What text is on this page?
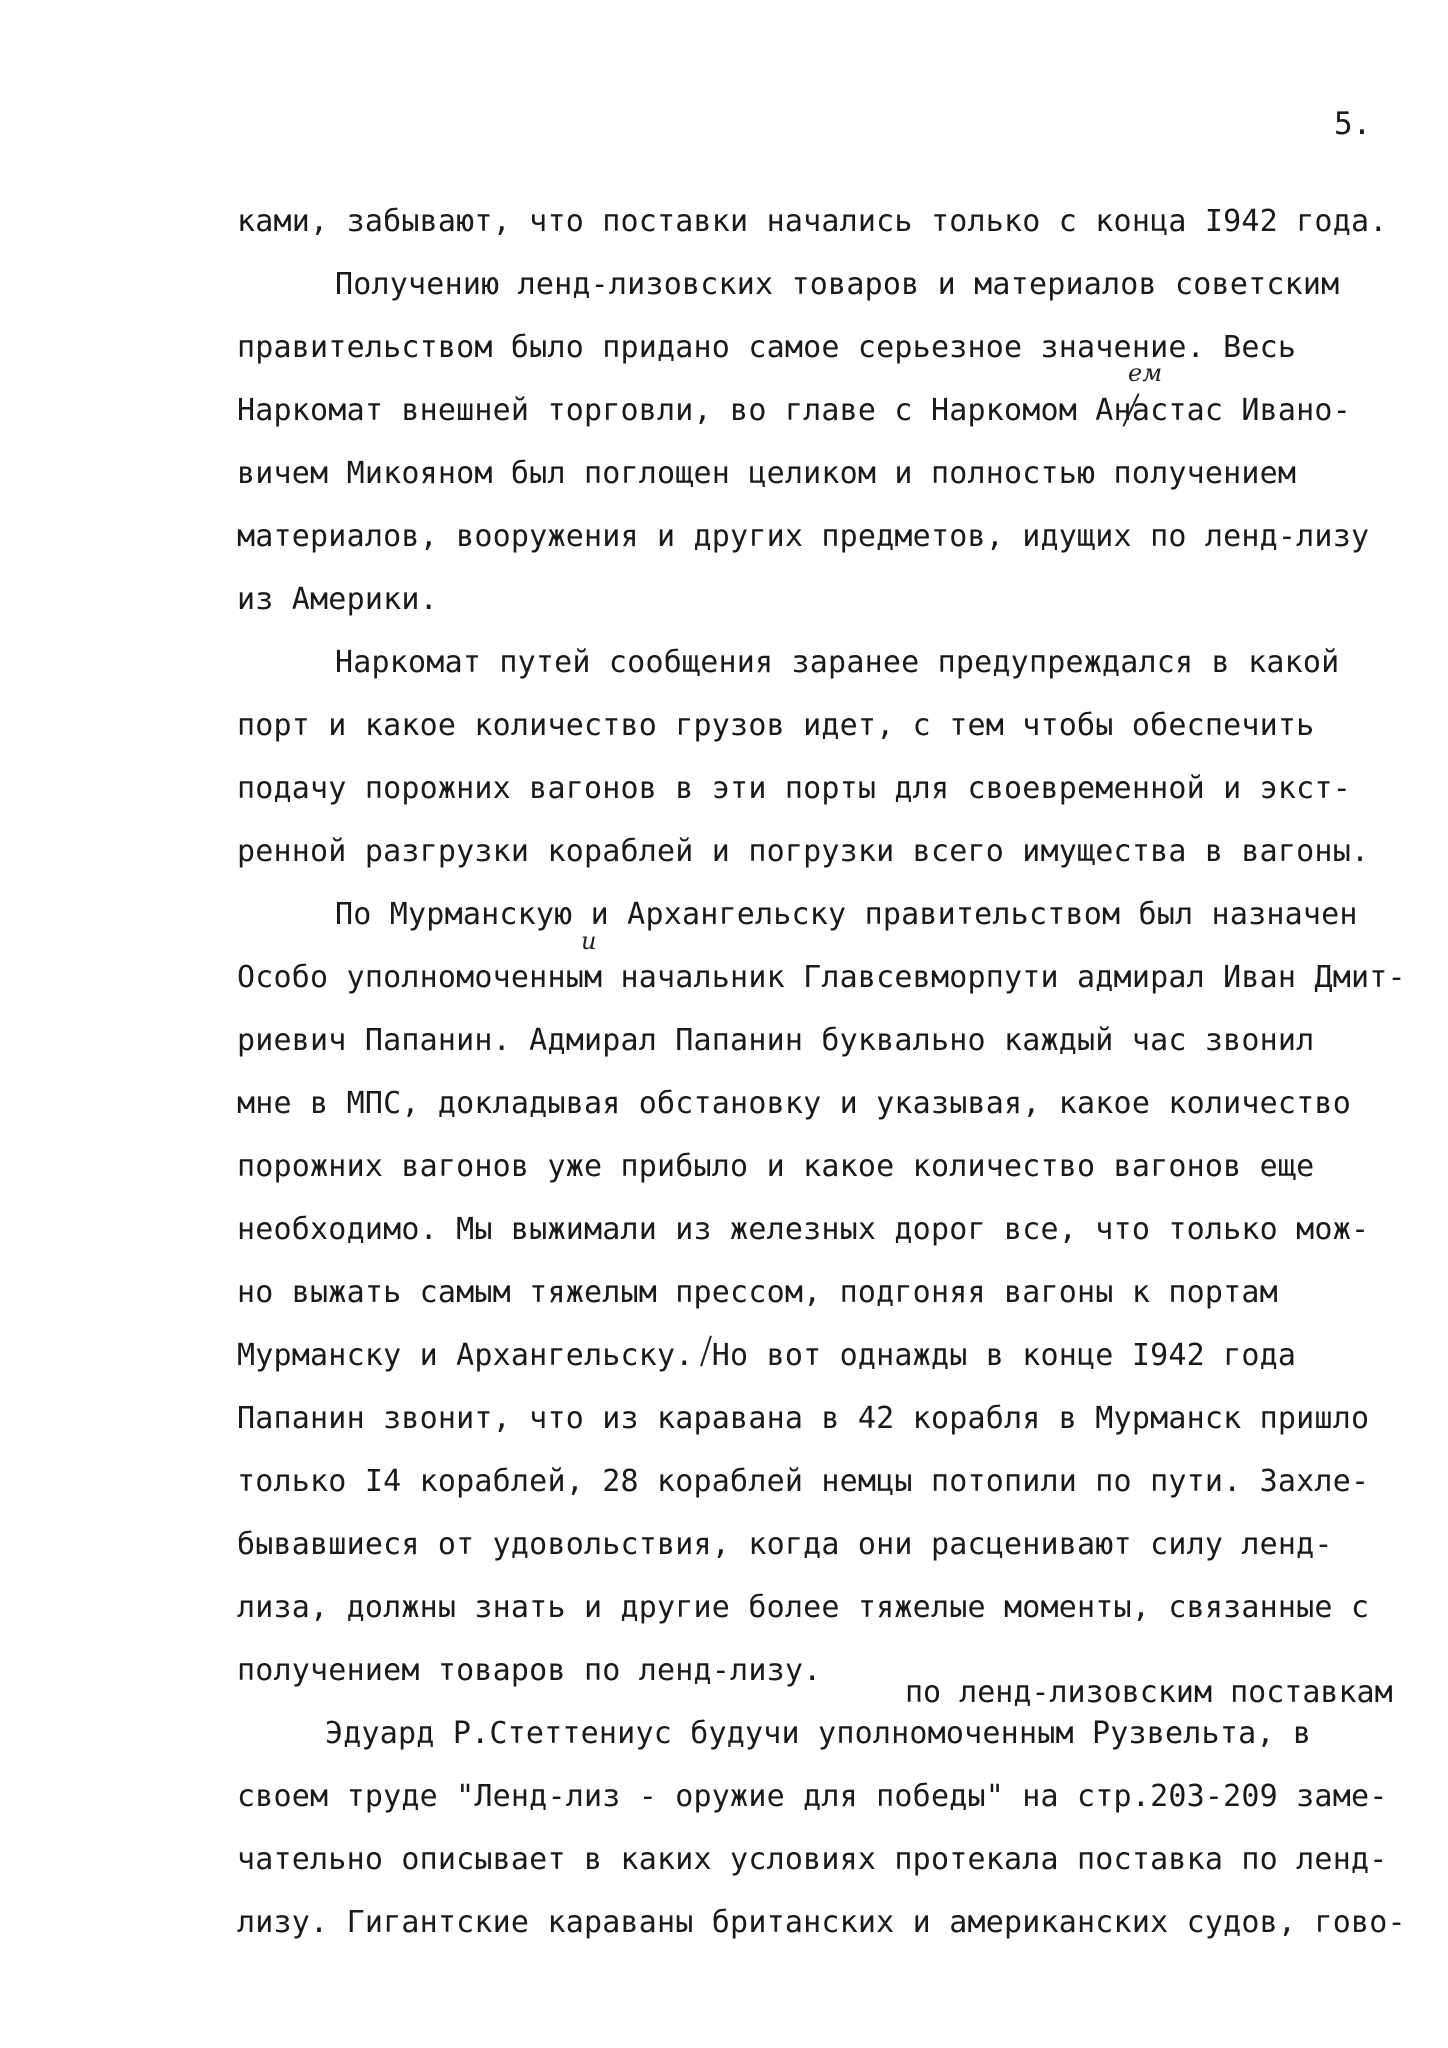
5.
ками, забывают, что поставки начались только с конца I942 года.
Получению ленд-лизовских товаров и материалов советским
правительством было придано самое серьезное значение. Весь
Наркомат внешней торговли, во главе с Наркомом Анастас Ивано-
вичем Микояном был поглощен целиком и полностью получением
материалов, вооружения и других предметов, идущих по ленд-лизу
из Америки.
Наркомат путей сообщения заранее предупреждался в какой
порт и какое количество грузов идет, с тем чтобы обеспечить
подачу порожних вагонов в эти порты для своевременной и экст-
ренной разгрузки кораблей и погрузки всего имущества в вагоны.
По Мурманскую и Архангельску правительством был назначен
Особо уполномоченным начальник Главсевморпути адмирал Иван Дмит-
риевич Папанин. Адмирал Папанин буквально каждый час звонил
мне в МПС, докладывая обстановку и указывая, какое количество
порожних вагонов уже прибыло и какое количество вагонов еще
необходимо. Мы выжимали из железных дорог все, что только мож-
но выжать самым тяжелым прессом, подгоняя вагоны к портам
Мурманску и Архангельску. Но вот однажды в конце I942 года
Папанин звонит, что из каравана в 42 корабля в Мурманск пришло
только I4 кораблей, 28 кораблей немцы потопили по пути. Захле-
бывавшиеся от удовольствия, когда они расценивают силу ленд-
лиза, должны знать и другие более тяжелые моменты, связанные с
получением товаров по ленд-лизу.
Эдуард Р.Стеттениус будучи уполномоченным Рузвельта, в
своем труде "Ленд-лиз - оружие для победы" на стр.203-209 заме-
чательно описывает в каких условиях протекала поставка по ленд-
лизу. Гигантские караваны британских и американских судов, гово-
ем
и
по ленд-лизовским поставкам
